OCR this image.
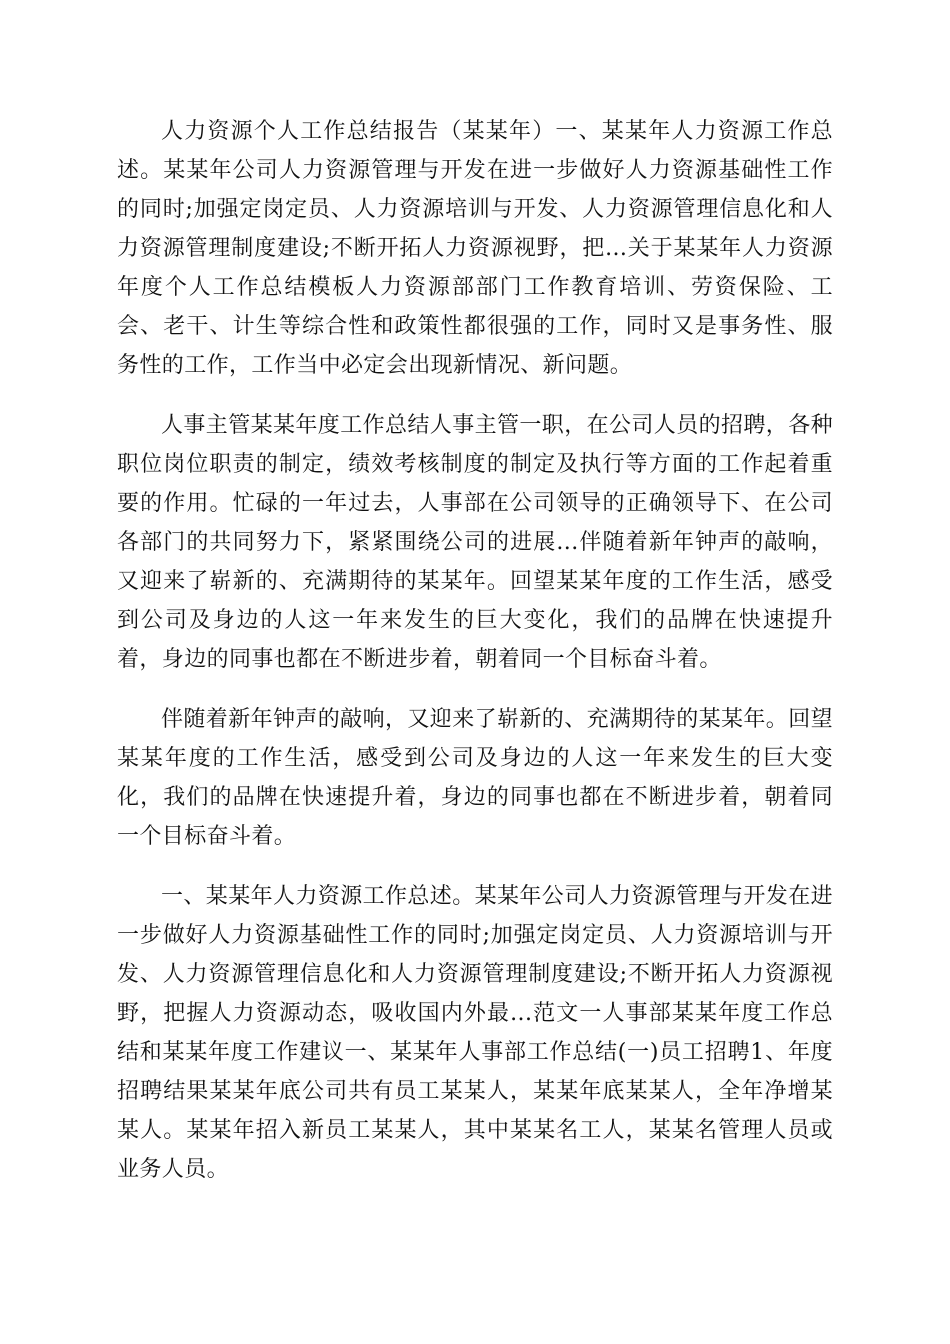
人力资源个人工作总结报告（某某年）一、某某年人力资源工作总述。某某年公司人力资源管理与开发在进一步做好人力资源基础性工作的同时;加强定岗定员、人力资源培训与开发、人力资源管理信息化和人力资源管理制度建设;不断开拓人力资源视野，把...关于某某年人力资源年度个人工作总结模板人力资源部部门工作教育培训、劳资保险、工会、老干、计生等综合性和政策性都很强的工作，同时又是事务性、服务性的工作，工作当中必定会出现新情况、新问题。

人事主管某某年度工作总结人事主管一职，在公司人员的招聘，各种职位岗位职责的制定，绩效考核制度的制定及执行等方面的工作起着重要的作用。忙碌的一年过去，人事部在公司领导的正确领导下、在公司各部门的共同努力下，紧紧围绕公司的进展...伴随着新年钟声的敲响，又迎来了崭新的、充满期待的某某年。回望某某年度的工作生活，感受到公司及身边的人这一年来发生的巨大变化，我们的品牌在快速提升着，身边的同事也都在不断进步着，朝着同一个目标奋斗着。

伴随着新年钟声的敲响，又迎来了崭新的、充满期待的某某年。回望某某年度的工作生活，感受到公司及身边的人这一年来发生的巨大变化，我们的品牌在快速提升着，身边的同事也都在不断进步着，朝着同一个目标奋斗着。

一、某某年人力资源工作总述。某某年公司人力资源管理与开发在进一步做好人力资源基础性工作的同时;加强定岗定员、人力资源培训与开发、人力资源管理信息化和人力资源管理制度建设;不断开拓人力资源视野，把握人力资源动态，吸收国内外最...范文一人事部某某年度工作总结和某某年度工作建议一、某某年人事部工作总结(一)员工招聘1、年度招聘结果某某年底公司共有员工某某人，某某年底某某人，全年净增某某人。某某年招入新员工某某人，其中某某名工人，某某名管理人员或业务人员。
